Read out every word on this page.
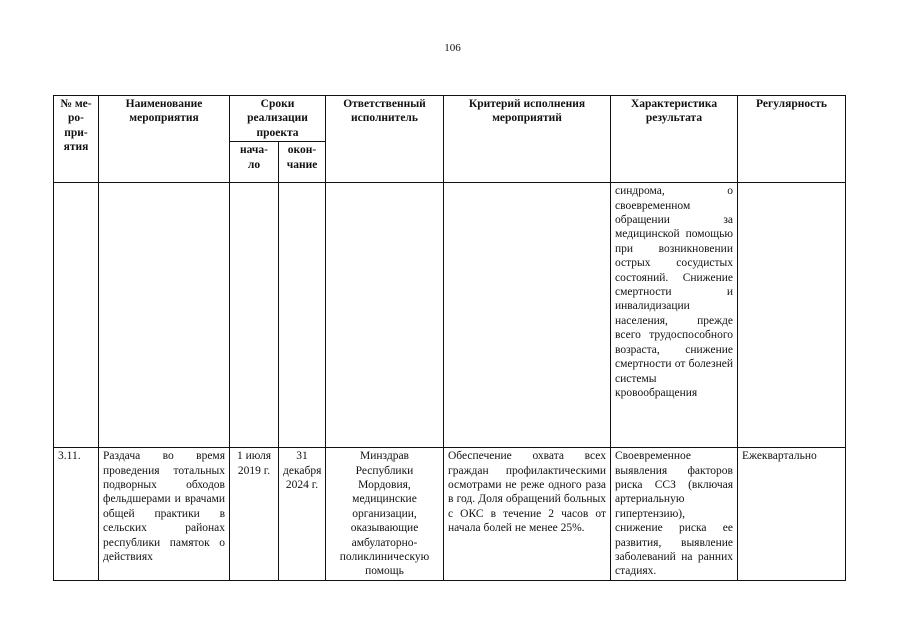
106
№ ме-ро-при-ятия	Наименование мероприятия	Сроки реализации проекта		Ответственный исполнитель	Критерий исполнения мероприятий	Характеристика результата	Регулярность
		нача-ло	окон-чание				
						синдрома, о своевременном обращении за медицинской помощью при возникновении острых сосудистых состояний. Снижение смертности и инвалидизации населения, прежде всего трудоспособного возраста, снижение смертности от болезней системы кровообращения	
3.11.	Раздача во время проведения тотальных подворных обходов фельдшерами и врачами общей практики в сельских районах республики памяток о действиях	1 июля 2019 г.	31 декабря 2024 г.	Минздрав Республики Мордовия, медицинские организации, оказывающие амбулаторно-поликлиническую помощь	Обеспечение охвата всех граждан профилактическими осмотрами не реже одного раза в год. Доля обращений больных с ОКС в течение 2 часов от начала болей не менее 25%.	Своевременное выявления факторов риска ССЗ (включая артериальную гипертензию), снижение риска ее развития, выявление заболеваний на ранних стадиях.	Ежеквартально
